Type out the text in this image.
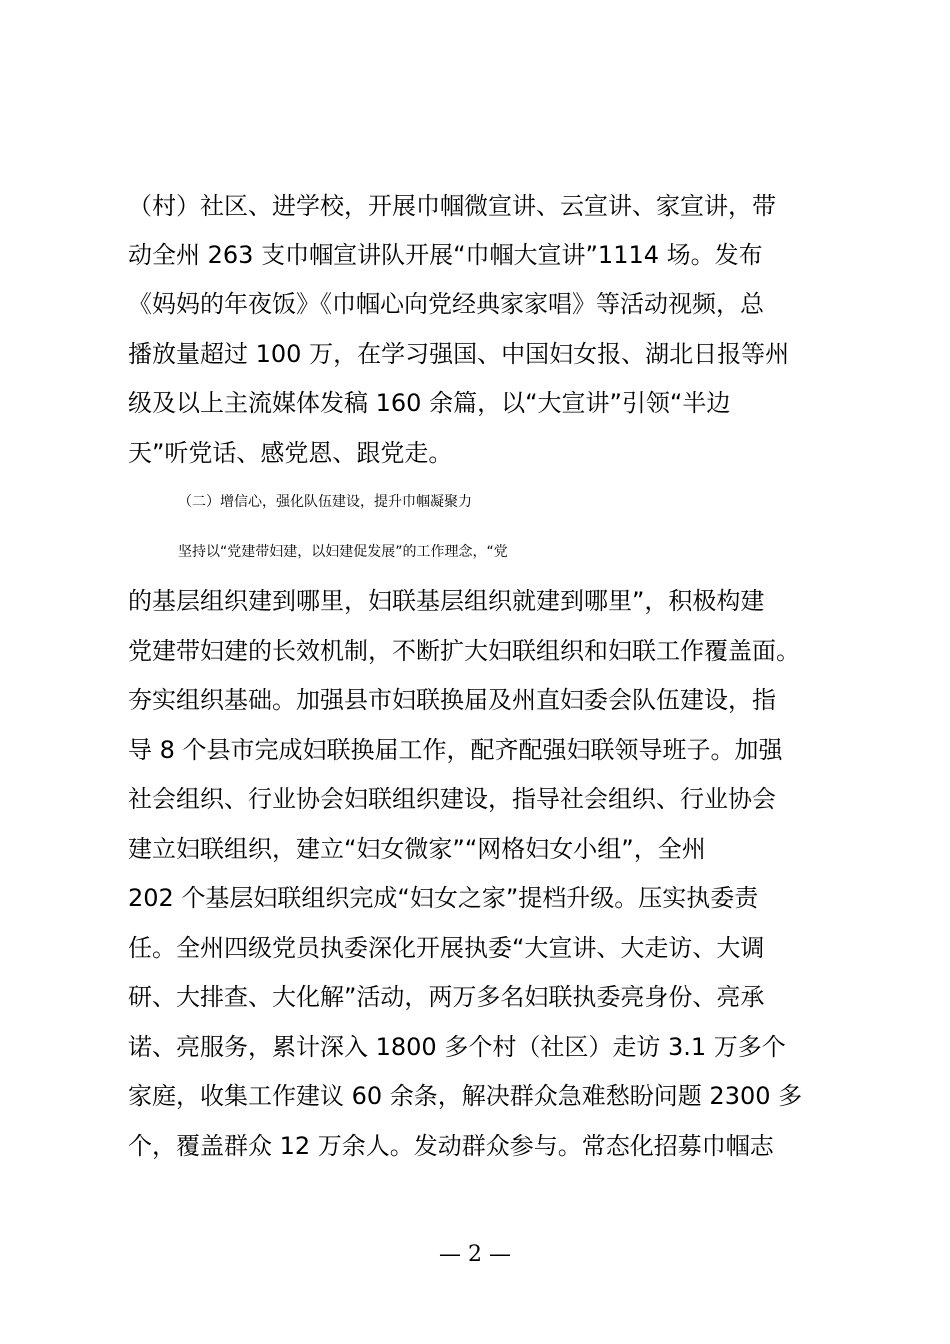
（村）社区、进学校，开展巾帼微宣讲、云宣讲、家宣讲，带
动全州 263 支巾帼宣讲队开展“巾帼大宣讲”1114 场。发布
《妈妈的年夜饭》《巾帼心向党经典家家唱》等活动视频，总
播放量超过 100 万，在学习强国、中国妇女报、湖北日报等州
级及以上主流媒体发稿 160 余篇，以“大宣讲”引领“半边
天”听党话、感党恩、跟党走。
（二）增信心，强化队伍建设，提升巾帼凝聚力
坚持以“党建带妇建，以妇建促发展”的工作理念，“党
的基层组织建到哪里，妇联基层组织就建到哪里”，积极构建
党建带妇建的长效机制，不断扩大妇联组织和妇联工作覆盖面。
夯实组织基础。加强县市妇联换届及州直妇委会队伍建设，指
导 8 个县市完成妇联换届工作，配齐配强妇联领导班子。加强
社会组织、行业协会妇联组织建设，指导社会组织、行业协会
建立妇联组织，建立“妇女微家”“网格妇女小组”，全州
202 个基层妇联组织完成“妇女之家”提档升级。压实执委责
任。全州四级党员执委深化开展执委“大宣讲、大走访、大调
研、大排查、大化解”活动，两万多名妇联执委亮身份、亮承
诺、亮服务，累计深入 1800 多个村（社区）走访 3.1 万多个
家庭，收集工作建议 60 余条，解决群众急难愁盼问题 2300 多
个，覆盖群众 12 万余人。发动群众参与。常态化招募巾帼志
— 2 —
